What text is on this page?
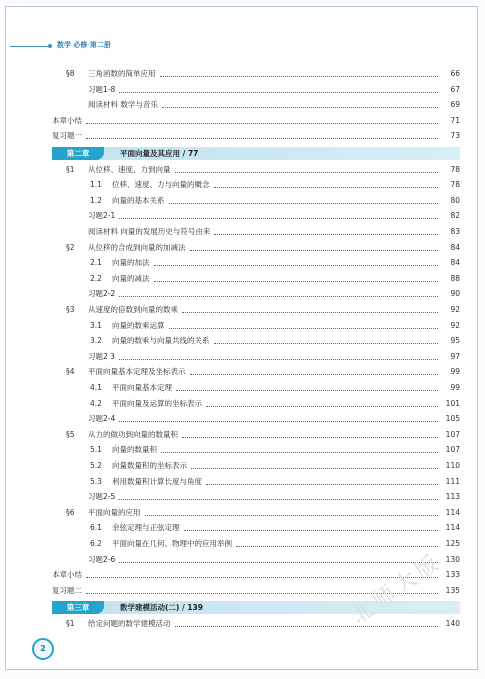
数学 必修 第二册
§8 三角函数的简单应用	66
习题1-8	67
阅读材料 数学与音乐	69
本章小结	71
复习题一	73
第二章	平面向量及其应用 / 77
§1 从位移、速度、力到向量	78
1.1 位移、速度、力与向量的概念	78
1.2 向量的基本关系	80
习题2-1	82
阅读材料 向量的发展历史与符号由来	83
§2 从位移的合成到向量的加减法	84
2.1 向量的加法	84
2.2 向量的减法	88
习题2-2	90
§3 从速度的倍数到向量的数乘	92
3.1 向量的数乘运算	92
3.2 向量的数乘与向量共线的关系	95
习题2 3	97
§4 平面向量基本定理及坐标表示	99
4.1 平面向量基本定理	99
4.2 平面向量及运算的坐标表示	101
习题2-4	105
§5 从力的做功到向量的数量积	107
5.1 向量的数量积	107
5.2 向量数量积的坐标表示	110
5.3 利用数量积计算长度与角度	111
习题2-5	113
§6 平面向量的应用	114
6.1 余弦定理与正弦定理	114
6.2 平面向量在几何、物理中的应用举例	125
习题2-6	130
本章小结	133
复习题二	135
第三章	数学建模活动(二) / 139
§1 给定问题的数学建模活动	140
2
北师大版
